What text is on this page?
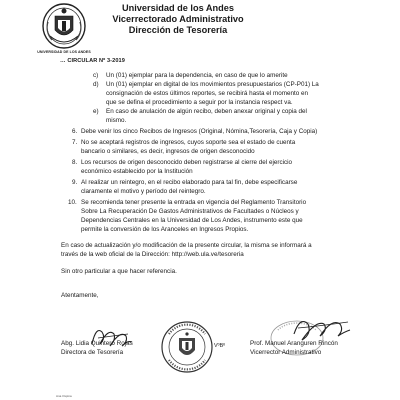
UNIVERSIDAD DE LOS ANDES
Universidad de los Andes
Vicerrectorado Administrativo
Dirección de Tesorería
… CIRCULAR Nº 3-2019
c) Un (01) ejemplar para la dependencia, en caso de que lo amerite
d) Un (01) ejemplar en digital de los movimientos presupuestarios (CP-P01) La
consignación de estos últimos reportes, se recibirá hasta el momento en
que se defina el procedimiento a seguir por la instancia respect va.
e) En caso de anulación de algún recibo, deben anexar original y copia del
mismo.
6. Debe venir los cinco Recibos de Ingresos (Original, Nómina,Tesorería, Caja y Copia)
7. No se aceptará registros de ingresos, cuyos soporte sea el estado de cuenta
bancario o similares, es decir, ingresos de origen desconocido
8. Los recursos de origen desconocido deben registrarse al cierre del ejercicio
económico establecido por la Institución
9. Al realizar un reintegro, en el recibo elaborado para tal fin, debe especificarse
claramente el motivo y período del reintegro.
10. Se recomienda tener presente la entrada en vigencia del Reglamento Transitorio
Sobre La Recuperación De Gastos Administrativos de Facultades o Núcleos y
Dependencias Centrales en la Universidad de Los Andes, instrumento este que
permite la conversión de los Aranceles en Ingresos Propios.
En caso de actualización y/o modificación de la presente circular, la misma se informará a
través de la web oficial de la Dirección: http://web.ula.ve/tesoreria
Sin otro particular a que hacer referencia.
Atentamente,
Abg. Lidia Quintero Rojas
Directora de Tesorería
VºBº	Prof. Manuel Aranguren Rincón
Vicerrector Administrativo
Ana Ospina
